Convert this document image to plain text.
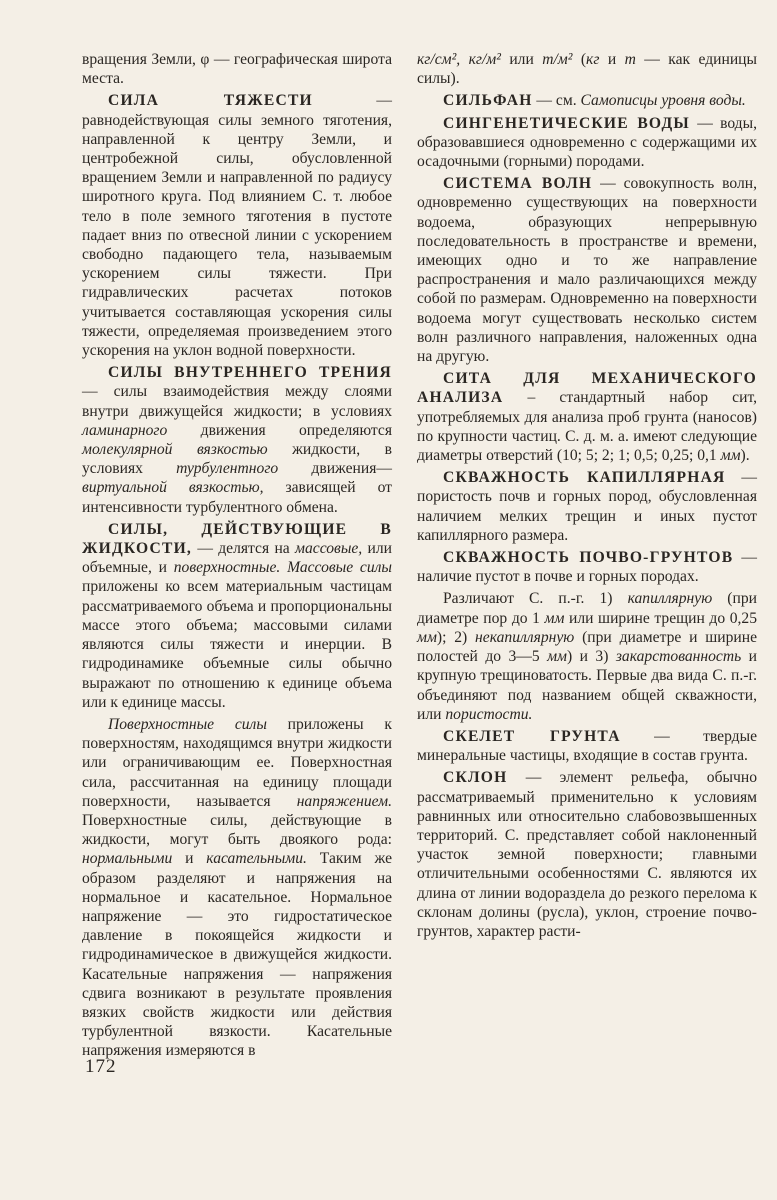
вращения Земли, φ — географическая широта места.

СИЛА ТЯЖЕСТИ — равнодействующая силы земного тяготения, направленной к центру Земли, и центробежной силы, обусловленной вращением Земли и направленной по радиусу широтного круга. Под влиянием С. т. любое тело в поле земного тяготения в пустоте падает вниз по отвесной линии с ускорением свободно падающего тела, называемым ускорением силы тяжести. При гидравлических расчетах потоков учитывается составляющая ускорения силы тяжести, определяемая произведением этого ускорения на уклон водной поверхности.

СИЛЫ ВНУТРЕННЕГО ТРЕНИЯ — силы взаимодействия между слоями внутри движущейся жидкости; в условиях ламинарного движения определяются молекулярной вязкостью жидкости, в условиях турбулентного движения—виртуальной вязкостью, зависящей от интенсивности турбулентного обмена.

СИЛЫ, ДЕЙСТВУЮЩИЕ В ЖИДКОСТИ, — делятся на массовые, или объемные, и поверхностные. Массовые силы приложены ко всем материальным частицам рассматриваемого объема и пропорциональны массе этого объема; массовыми силами являются силы тяжести и инерции. В гидродинамике объемные силы обычно выражают по отношению к единице объема или к единице массы.

Поверхностные силы приложены к поверхностям, находящимся внутри жидкости или ограничивающим ее. Поверхностная сила, рассчитанная на единицу площади поверхности, называется напряжением. Поверхностные силы, действующие в жидкости, могут быть двоякого рода: нормальными и касательными. Таким же образом разделяют и напряжения на нормальное и касательное. Нормальное напряжение — это гидростатическое давление в покоящейся жидкости и гидродинамическое в движущейся жидкости. Касательные напряжения — напряжения сдвига возникают в результате проявления вязких свойств жидкости или действия турбулентной вязкости. Касательные напряжения измеряются в

кг/см², кг/м² или т/м² (кг и т — как единицы силы).

СИЛЬФАН — см. Самописцы уровня воды.

СИНГЕНЕТИЧЕСКИЕ ВОДЫ — воды, образовавшиеся одновременно с содержащими их осадочными (горными) породами.

СИСТЕМА ВОЛН — совокупность волн, одновременно существующих на поверхности водоема, образующих непрерывную последовательность в пространстве и времени, имеющих одно и то же направление распространения и мало различающихся между собой по размерам. Одновременно на поверхности водоема могут существовать несколько систем волн различного направления, наложенных одна на другую.

СИТА ДЛЯ МЕХАНИЧЕСКОГО АНАЛИЗА – стандартный набор сит, употребляемых для анализа проб грунта (наносов) по крупности частиц. С. д. м. а. имеют следующие диаметры отверстий (10; 5; 2; 1; 0,5; 0,25; 0,1 мм).

СКВАЖНОСТЬ КАПИЛЛЯРНАЯ — пористость почв и горных пород, обусловленная наличием мелких трещин и иных пустот капиллярного размера.

СКВАЖНОСТЬ ПОЧВО-ГРУНТОВ — наличие пустот в почве и горных породах.

Различают С. п.-г. 1) капиллярную (при диаметре пор до 1 мм или ширине трещин до 0,25 мм); 2) некапиллярную (при диаметре и ширине полостей до 3—5 мм) и 3) закарстованность и крупную трещиноватость. Первые два вида С. п.-г. объединяют под названием общей скважности, или пористости.

СКЕЛЕТ ГРУНТА — твердые минеральные частицы, входящие в состав грунта.

СКЛОН — элемент рельефа, обычно рассматриваемый применительно к условиям равнинных или относительно слабовозвышенных территорий. С. представляет собой наклоненный участок земной поверхности; главными отличительными особенностями С. являются их длина от линии водораздела до резкого перелома к склонам долины (русла), уклон, строение почво-грунтов, характер расти-

172
